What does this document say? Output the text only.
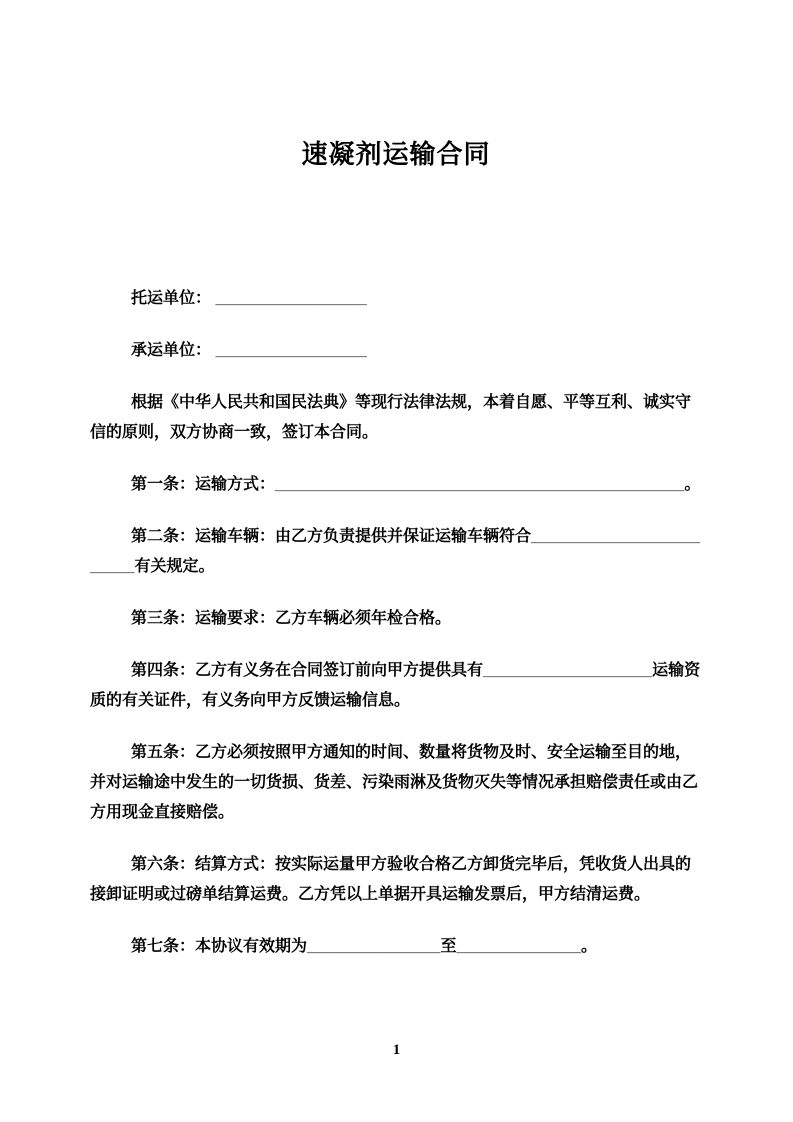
速凝剂运输合同

托运单位： _________________

承运单位： _________________

根据《中华人民共和国民法典》等现行法律法规，本着自愿、平等互利、诚实守信的原则，双方协商一致，签订本合同。

第一条：运输方式：______________________________________________。

第二条：运输车辆：由乙方负责提供并保证运输车辆符合________________________有关规定。

第三条：运输要求：乙方车辆必须年检合格。

第四条：乙方有义务在合同签订前向甲方提供具有___________________运输资质的有关证件，有义务向甲方反馈运输信息。

第五条：乙方必须按照甲方通知的时间、数量将货物及时、安全运输至目的地，并对运输途中发生的一切货损、货差、污染雨淋及货物灭失等情况承担赔偿责任或由乙方用现金直接赔偿。

第六条：结算方式：按实际运量甲方验收合格乙方卸货完毕后，凭收货人出具的接卸证明或过磅单结算运费。乙方凭以上单据开具运输发票后，甲方结清运费。

第七条：本协议有效期为_______________至______________。

1
